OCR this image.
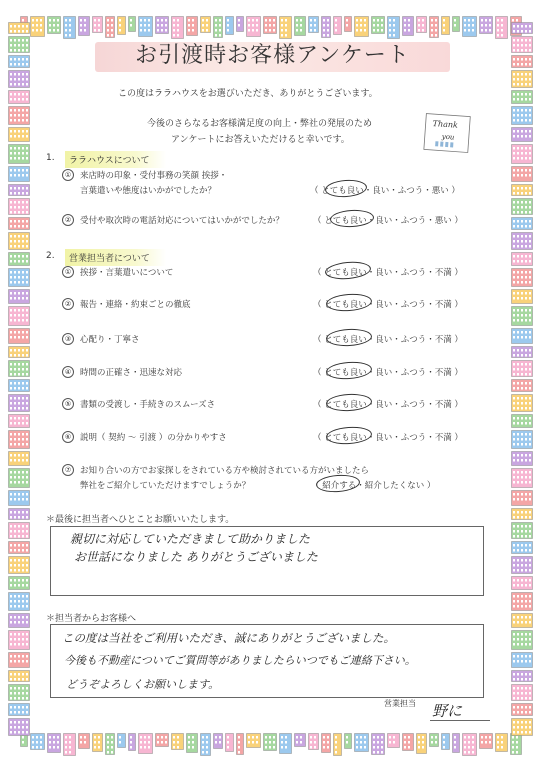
お引渡時お客様アンケート
この度はララハウスをお選びいただき、ありがとうございます。
今後のさらなるお客様満足度の向上・弊社の発展のため
アンケートにお答えいただけると幸いです。
Thank
you
1.	ララハウスについて
①	来店時の印象・受付事務の笑顔 挨拶・
言葉遣いや態度はいかがでしたか？	（ とても良い・良い・ふつう・悪い ）
②	受付や取次時の電話対応についてはいかがでしたか？	（ とても良い・良い・ふつう・悪い ）
2.	営業担当者について
①	挨拶・言葉遣いについて	（ とても良い・良い・ふつう・不満 ）
②	報告・連絡・約束ごとの徹底	（ とても良い・良い・ふつう・不満 ）
③	心配り・丁寧さ	（ とても良い・良い・ふつう・不満 ）
④	時間の正確さ・迅速な対応	（ とても良い・良い・ふつう・不満 ）
⑤	書類の受渡し・手続きのスムーズさ	（ とても良い・良い・ふつう・不満 ）
⑥	説明（ 契約 ～ 引渡 ）の分かりやすさ	（ とても良い・良い・ふつう・不満 ）
⑦	お知り合いの方でお家探しをされている方や検討されている方がいましたら
弊社をご紹介していただけますでしょうか？	（ 紹介する・紹介したくない ）
＊最後に担当者へひとことお願いいたします。
親切に対応していただきまして助かりました
お世話になりました ありがとうございました
＊担当者からお客様へ
この度は当社をご利用いただき、誠にありがとうございました。
今後も不動産についてご質問等がありましたらいつでもご連絡下さい。
どうぞよろしくお願いします。
営業担当 野に
